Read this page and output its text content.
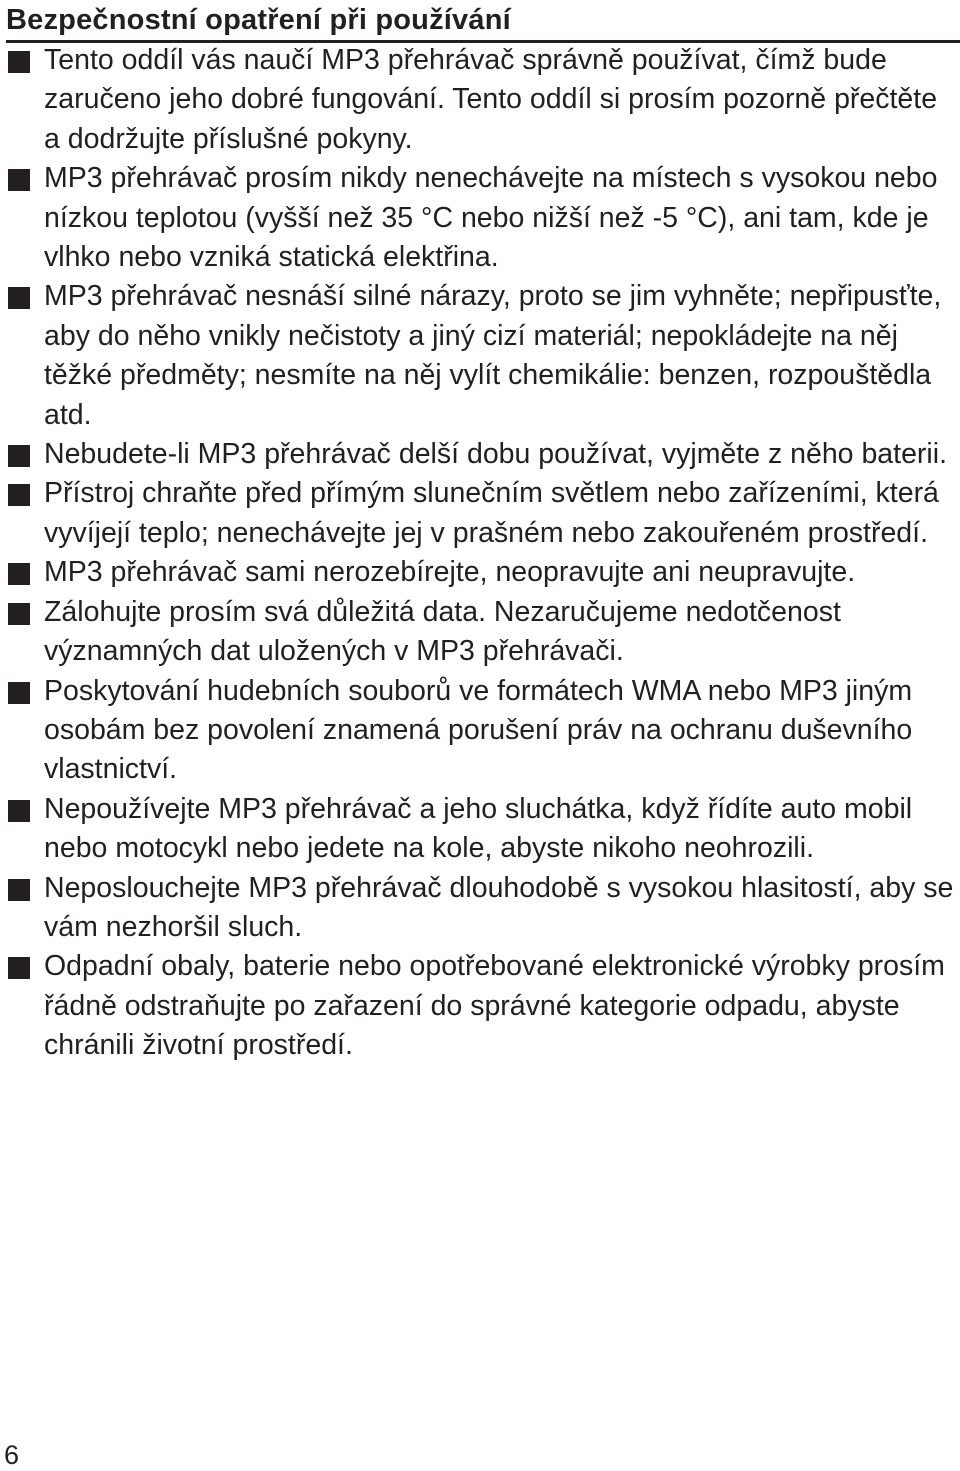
Bezpečnostní opatření při používání
Tento oddíl vás naučí MP3 přehrávač správně používat, čímž bude zaručeno jeho dobré fungování. Tento oddíl si prosím pozorně přečtěte a dodržujte příslušné pokyny.
MP3 přehrávač prosím nikdy nenechávejte na místech s vysokou nebo nízkou teplotou (vyšší než 35 °C nebo nižší než -5 °C), ani tam, kde je vlhko nebo vzniká statická elektřina.
MP3 přehrávač nesnáší silné nárazy, proto se jim vyhněte; nepřipusťte, aby do něho vnikly nečistoty a jiný cizí materiál; nepokládejte na něj těžké předměty; nesmíte na něj vylít chemikálie: benzen, rozpouštědla atd.
Nebudete-li MP3 přehrávač delší dobu používat, vyjměte z něho baterii.
Přístroj chraňte před přímým slunečním světlem nebo zařízeními, která vyvíjejí teplo; nenechávejte jej v prašném nebo zakouřeném prostředí.
MP3 přehrávač sami nerozebírejte, neopravujte ani neupravujte.
Zálohujte prosím svá důležitá data. Nezaručujeme nedotčenost významných dat uložených v MP3 přehrávači.
Poskytování hudebních souborů ve formátech WMA nebo MP3 jiným osobám bez povolení znamená porušení práv na ochranu duševního vlastnictví.
Nepoužívejte MP3 přehrávač a jeho sluchátka, když řídíte auto mobil nebo motocykl nebo jedete na kole, abyste nikoho neohrozili.
Neposlouchejte MP3 přehrávač dlouhodobě s vysokou hlasitostí, aby se vám nezhoršil sluch.
Odpadní obaly, baterie nebo opotřebované elektronické výrobky prosím řádně odstraňujte po zařazení do správné kategorie odpadu, abyste chránili životní prostředí.
6
